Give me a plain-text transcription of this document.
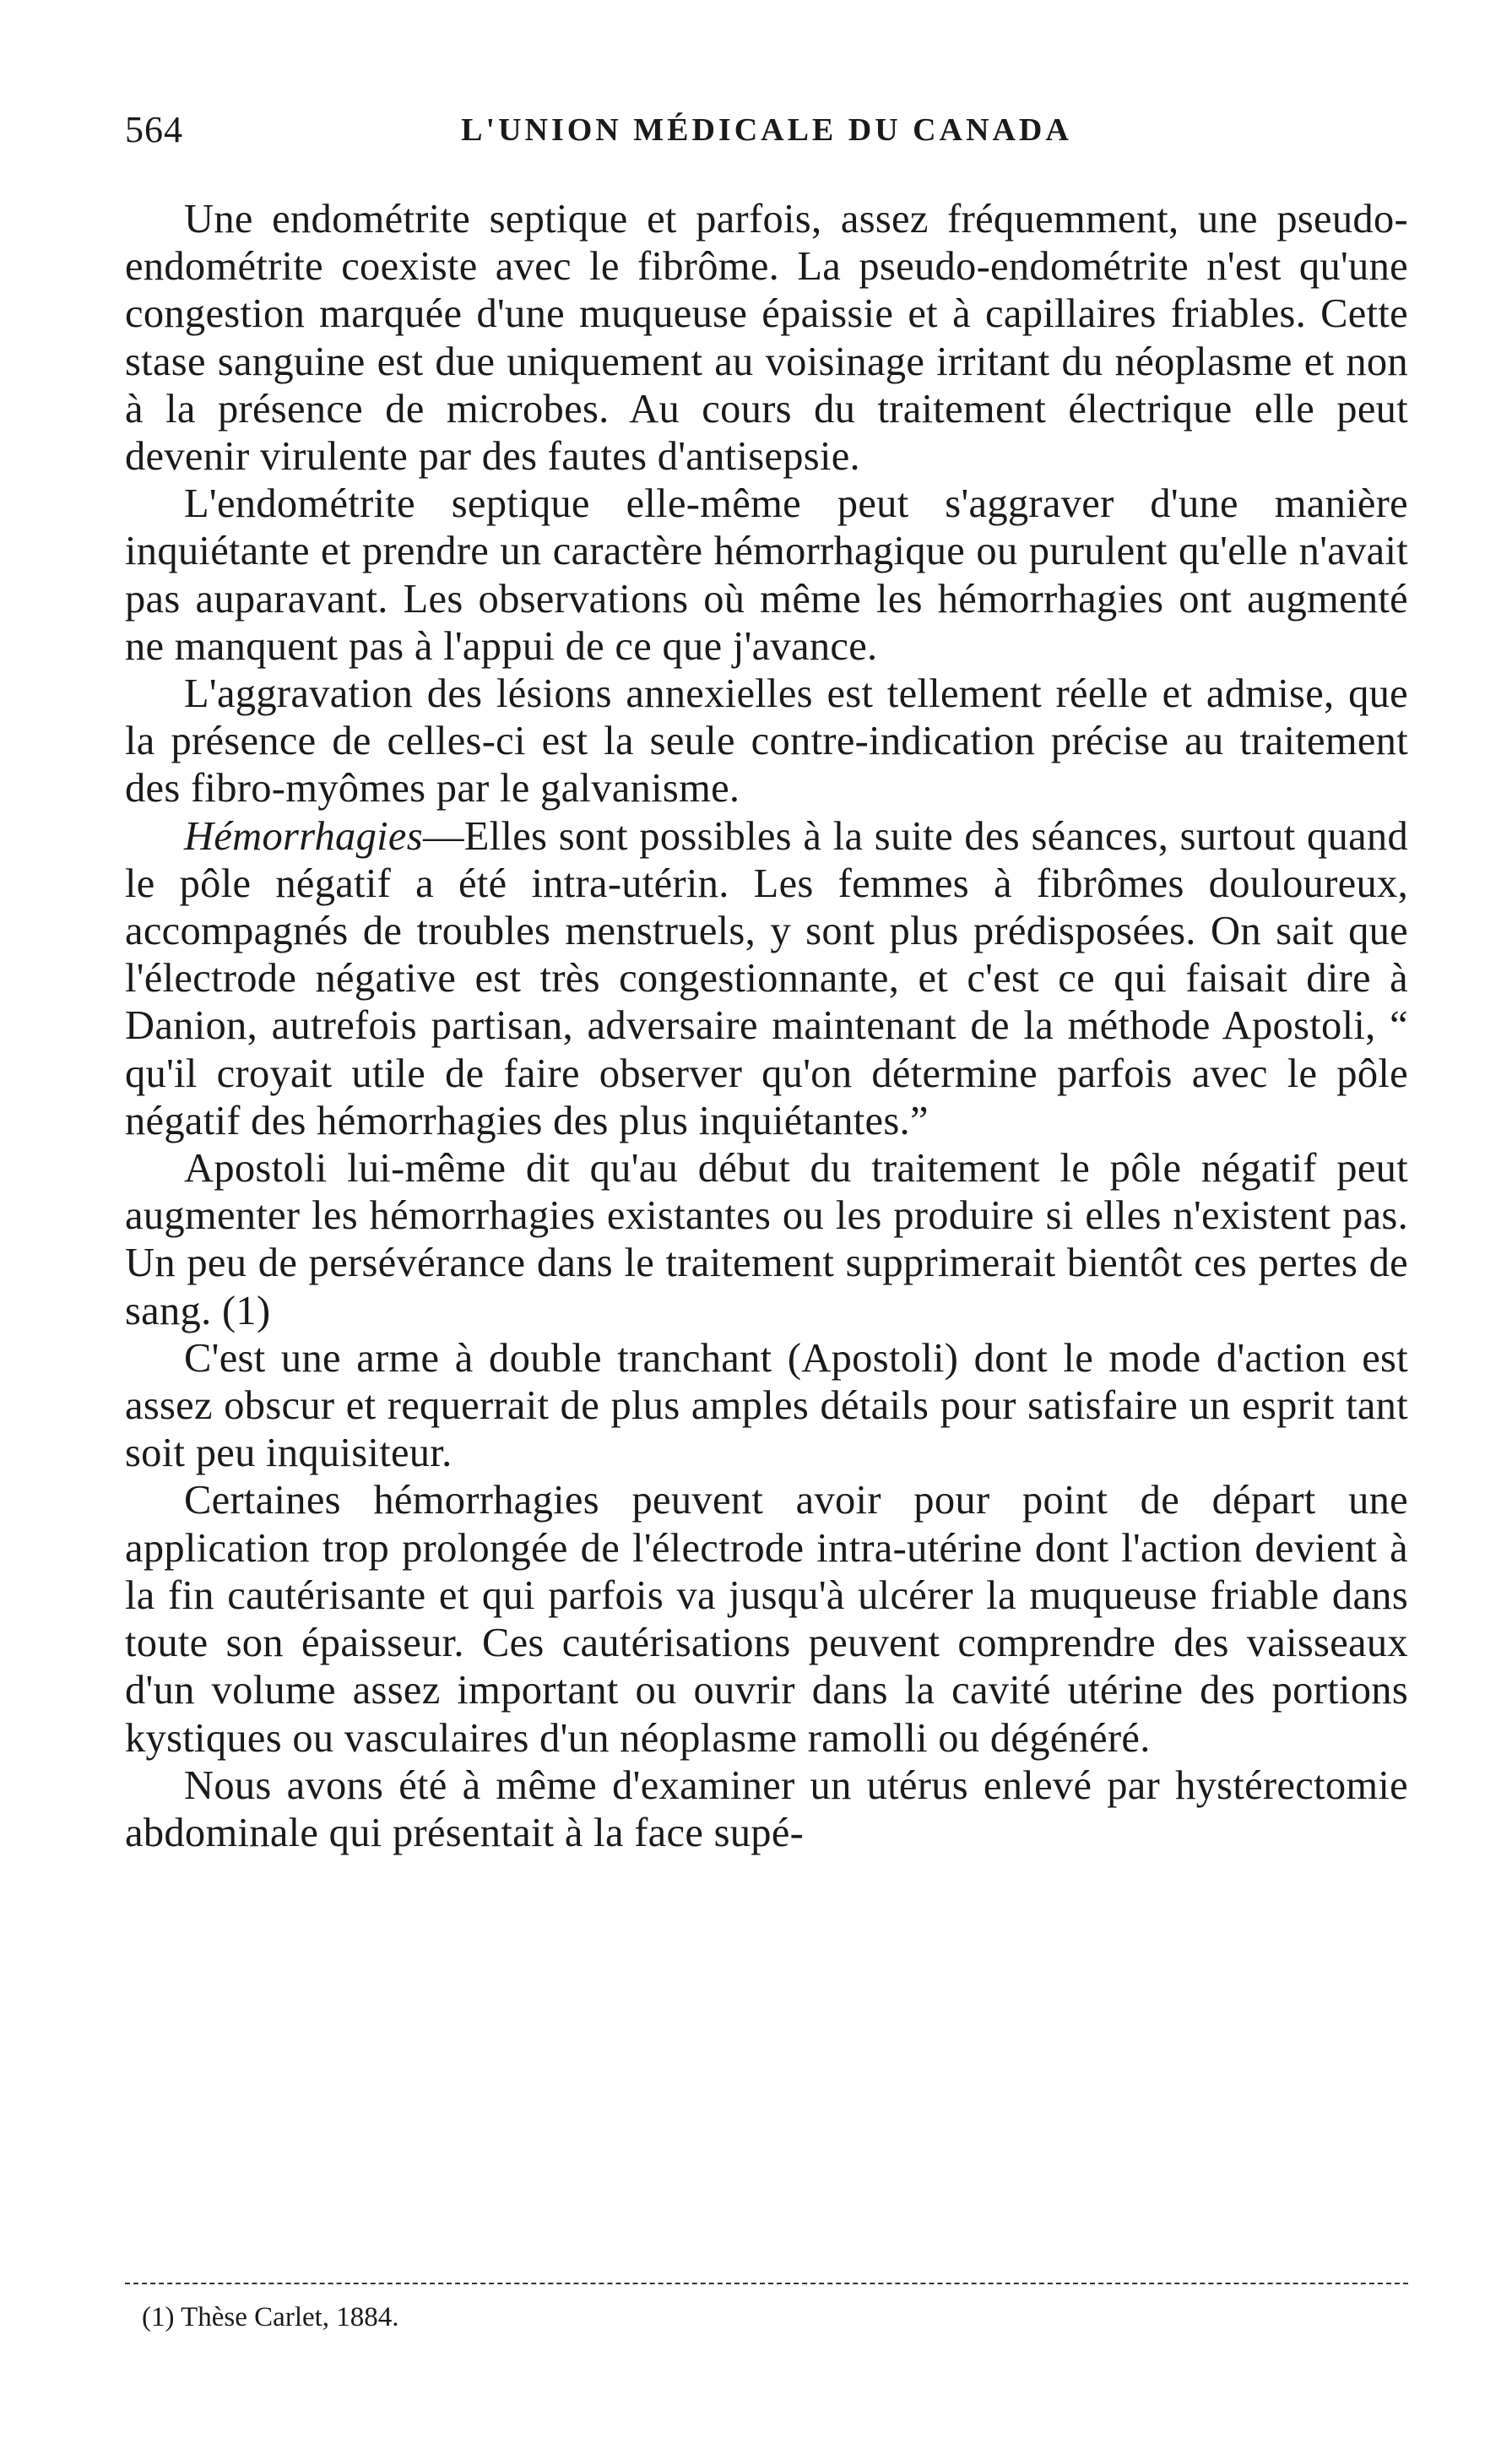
564	L'UNION MÉDICALE DU CANADA

Une endométrite septique et parfois, assez fréquemment, une pseudo-endométrite coexiste avec le fibrôme. La pseudo-endométrite n'est qu'une congestion marquée d'une muqueuse épaissie et à capillaires friables. Cette stase sanguine est due uniquement au voisinage irritant du néoplasme et non à la présence de microbes. Au cours du traitement électrique elle peut devenir virulente par des fautes d'antisepsie.

L'endométrite septique elle-même peut s'aggraver d'une manière inquiétante et prendre un caractère hémorrhagique ou purulent qu'elle n'avait pas auparavant. Les observations où même les hémorrhagies ont augmenté ne manquent pas à l'appui de ce que j'avance.

L'aggravation des lésions annexielles est tellement réelle et admise, que la présence de celles-ci est la seule contre-indication précise au traitement des fibro-myômes par le galvanisme.

Hémorrhagies—Elles sont possibles à la suite des séances, surtout quand le pôle négatif a été intra-utérin. Les femmes à fibrômes douloureux, accompagnés de troubles menstruels, y sont plus prédisposées. On sait que l'électrode négative est très congestionnante, et c'est ce qui faisait dire à Danion, autrefois partisan, adversaire maintenant de la méthode Apostoli, “ qu'il croyait utile de faire observer qu'on détermine parfois avec le pôle négatif des hémorrhagies des plus inquiétantes.”

Apostoli lui-même dit qu'au début du traitement le pôle négatif peut augmenter les hémorrhagies existantes ou les produire si elles n'existent pas. Un peu de persévérance dans le traitement supprimerait bientôt ces pertes de sang. (1)

C'est une arme à double tranchant (Apostoli) dont le mode d'action est assez obscur et requerrait de plus amples détails pour satisfaire un esprit tant soit peu inquisiteur.

Certaines hémorrhagies peuvent avoir pour point de départ une application trop prolongée de l'électrode intra-utérine dont l'action devient à la fin cautérisante et qui parfois va jusqu'à ulcérer la muqueuse friable dans toute son épaisseur. Ces cautérisations peuvent comprendre des vaisseaux d'un volume assez important ou ouvrir dans la cavité utérine des portions kystiques ou vasculaires d'un néoplasme ramolli ou dégénéré.

Nous avons été à même d'examiner un utérus enlevé par hystérectomie abdominale qui présentait à la face supé-

(1) Thèse Carlet, 1884.
